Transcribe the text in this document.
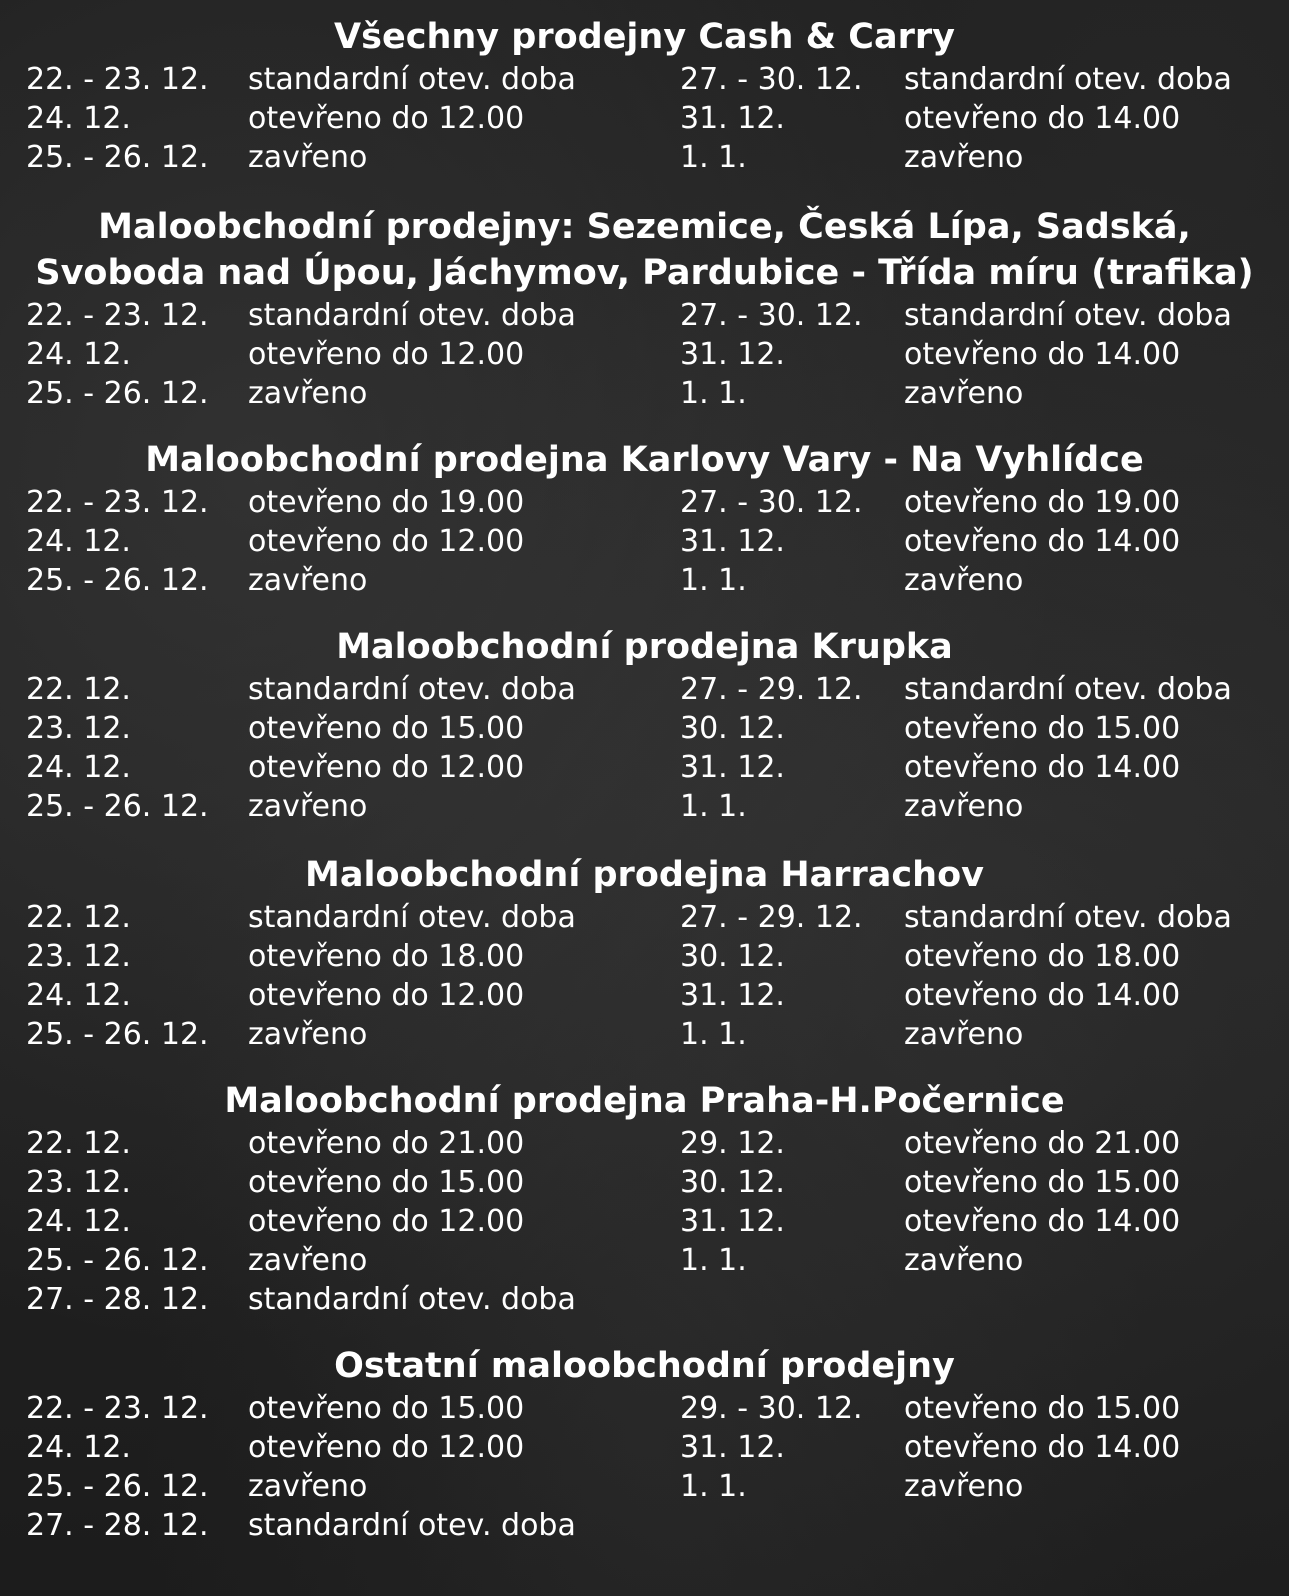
Všechny prodejny Cash & Carry
22. - 23. 12. standardní otev. doba	27. - 30. 12. standardní otev. doba
24. 12.	otevřeno do 12.00	31. 12.	otevřeno do 14.00
25. - 26. 12. zavřeno	1. 1.	zavřeno
Maloobchodní prodejny: Sezemice, Česká Lípa, Sadská,
Svoboda nad Úpou, Jáchymov, Pardubice - Třída míru (trafika)
22. - 23. 12. standardní otev. doba	27. - 30. 12. standardní otev. doba
24. 12.	otevřeno do 12.00	31. 12.	otevřeno do 14.00
25. - 26. 12. zavřeno	1. 1.	zavřeno
Maloobchodní prodejna Karlovy Vary - Na Vyhlídce
22. - 23. 12. otevřeno do 19.00	27. - 30. 12. otevřeno do 19.00
24. 12.	otevřeno do 12.00	31. 12.	otevřeno do 14.00
25. - 26. 12. zavřeno	1. 1.	zavřeno
Maloobchodní prodejna Krupka
22. 12.	standardní otev. doba	27. - 29. 12. standardní otev. doba
23. 12.	otevřeno do 15.00	30. 12.	otevřeno do 15.00
24. 12.	otevřeno do 12.00	31. 12.	otevřeno do 14.00
25. - 26. 12. zavřeno	1. 1.	zavřeno
Maloobchodní prodejna Harrachov
22. 12.	standardní otev. doba	27. - 29. 12. standardní otev. doba
23. 12.	otevřeno do 18.00	30. 12.	otevřeno do 18.00
24. 12.	otevřeno do 12.00	31. 12.	otevřeno do 14.00
25. - 26. 12. zavřeno	1. 1.	zavřeno
Maloobchodní prodejna Praha-H.Počernice
22. 12.	otevřeno do 21.00	29. 12.	otevřeno do 21.00
23. 12.	otevřeno do 15.00	30. 12.	otevřeno do 15.00
24. 12.	otevřeno do 12.00	31. 12.	otevřeno do 14.00
25. - 26. 12. zavřeno	1. 1.	zavřeno
27. - 28. 12. standardní otev. doba
Ostatní maloobchodní prodejny
22. - 23. 12. otevřeno do 15.00	29. - 30. 12. otevřeno do 15.00
24. 12.	otevřeno do 12.00	31. 12.	otevřeno do 14.00
25. - 26. 12. zavřeno	1. 1.	zavřeno
27. - 28. 12. standardní otev. doba
